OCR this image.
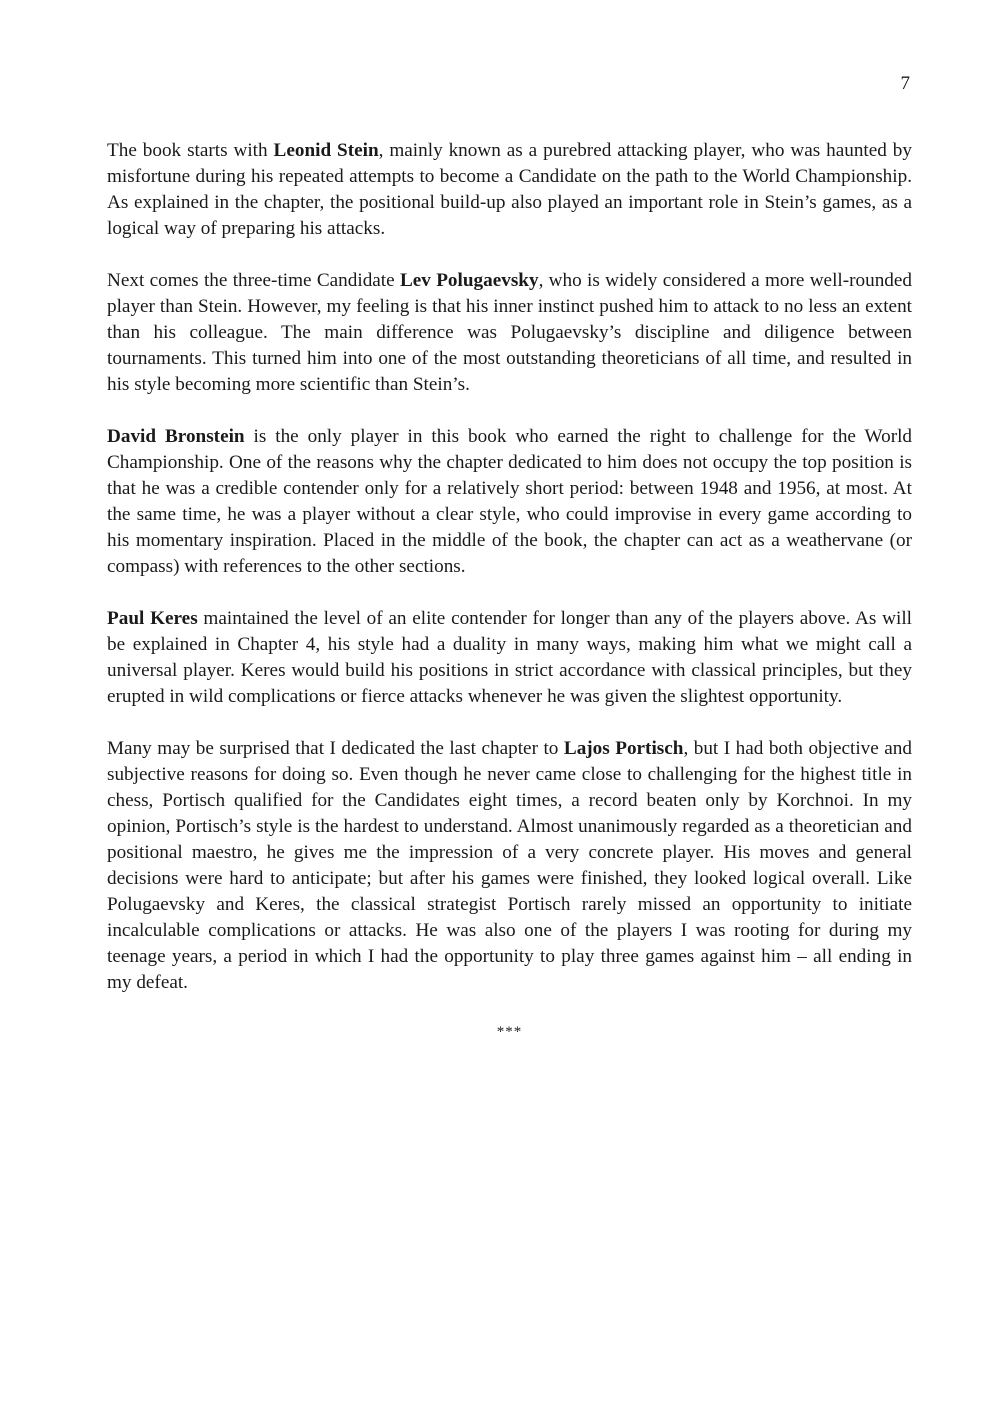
7

The book starts with Leonid Stein, mainly known as a purebred attacking player, who was haunted by misfortune during his repeated attempts to become a Candidate on the path to the World Championship. As explained in the chapter, the positional build-up also played an important role in Stein’s games, as a logical way of preparing his attacks.

Next comes the three-time Candidate Lev Polugaevsky, who is widely considered a more well-rounded player than Stein. However, my feeling is that his inner instinct pushed him to attack to no less an extent than his colleague. The main difference was Polugaevsky’s discipline and diligence between tournaments. This turned him into one of the most outstanding theoreticians of all time, and resulted in his style becoming more scientific than Stein’s.

David Bronstein is the only player in this book who earned the right to challenge for the World Championship. One of the reasons why the chapter dedicated to him does not occupy the top position is that he was a credible contender only for a relatively short period: between 1948 and 1956, at most. At the same time, he was a player without a clear style, who could improvise in every game according to his momentary inspiration. Placed in the middle of the book, the chapter can act as a weathervane (or compass) with references to the other sections.

Paul Keres maintained the level of an elite contender for longer than any of the players above. As will be explained in Chapter 4, his style had a duality in many ways, making him what we might call a universal player. Keres would build his positions in strict accordance with classical principles, but they erupted in wild complications or fierce attacks whenever he was given the slightest opportunity.

Many may be surprised that I dedicated the last chapter to Lajos Portisch, but I had both objective and subjective reasons for doing so. Even though he never came close to challenging for the highest title in chess, Portisch qualified for the Candidates eight times, a record beaten only by Korchnoi. In my opinion, Portisch’s style is the hardest to understand. Almost unanimously regarded as a theoretician and positional maestro, he gives me the impression of a very concrete player. His moves and general decisions were hard to anticipate; but after his games were finished, they looked logical overall. Like Polugaevsky and Keres, the classical strategist Portisch rarely missed an opportunity to initiate incalculable complications or attacks. He was also one of the players I was rooting for during my teenage years, a period in which I had the opportunity to play three games against him – all ending in my defeat.

***
